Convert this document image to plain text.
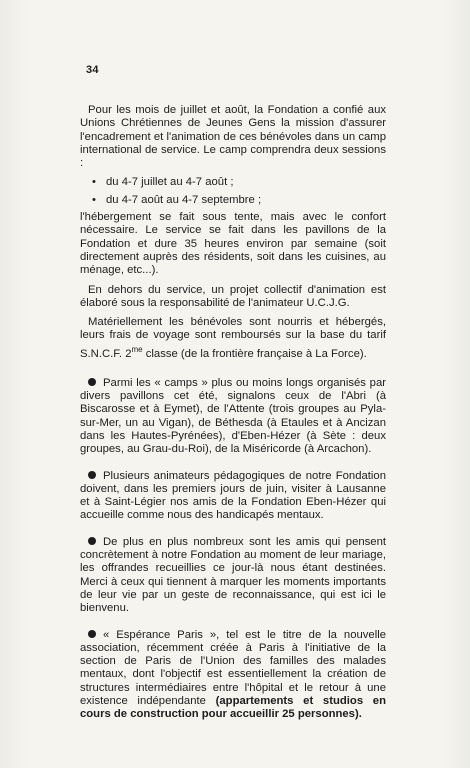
34

Pour les mois de juillet et août, la Fondation a confié aux Unions Chrétiennes de Jeunes Gens la mission d'assurer l'encadrement et l'animation de ces bénévoles dans un camp international de service. Le camp comprendra deux sessions :

• du 4-7 juillet au 4-7 août ;
• du 4-7 août au 4-7 septembre ;

l'hébergement se fait sous tente, mais avec le confort nécessaire. Le service se fait dans les pavillons de la Fondation et dure 35 heures environ par semaine (soit directement auprès des résidents, soit dans les cuisines, au ménage, etc...).

En dehors du service, un projet collectif d'animation est élaboré sous la responsabilité de l'animateur U.C.J.G.

Matériellement les bénévoles sont nourris et hébergés, leurs frais de voyage sont remboursés sur la base du tarif S.N.C.F. $2^{me}$ classe (de la frontière française à La Force).

Parmi les « camps » plus ou moins longs organisés par divers pavillons cet été, signalons ceux de l'Abri (à Biscarosse et à Eymet), de l'Attente (trois groupes au Pyla-sur-Mer, un au Vigan), de Béthesda (à Etaules et à Ancizan dans les Hautes-Pyrénées), d'Eben-Hézer (à Sète : deux groupes, au Grau-du-Roi), de la Miséricorde (à Arcachon).

Plusieurs animateurs pédagogiques de notre Fondation doivent, dans les premiers jours de juin, visiter à Lausanne et à Saint-Légier nos amis de la Fondation Eben-Hézer qui accueille comme nous des handicapés mentaux.

De plus en plus nombreux sont les amis qui pensent concrètement à notre Fondation au moment de leur mariage, les offrandes recueillies ce jour-là nous étant destinées. Merci à ceux qui tiennent à marquer les moments importants de leur vie par un geste de reconnaissance, qui est ici le bienvenu.

« Espérance Paris », tel est le titre de la nouvelle association, récemment créée à Paris à l'initiative de la section de Paris de l'Union des familles des malades mentaux, dont l'objectif est essentiellement la création de structures intermédiaires entre l'hôpital et le retour à une existence indépendante (appartements et studios en cours de construction pour accueillir 25 personnes).
